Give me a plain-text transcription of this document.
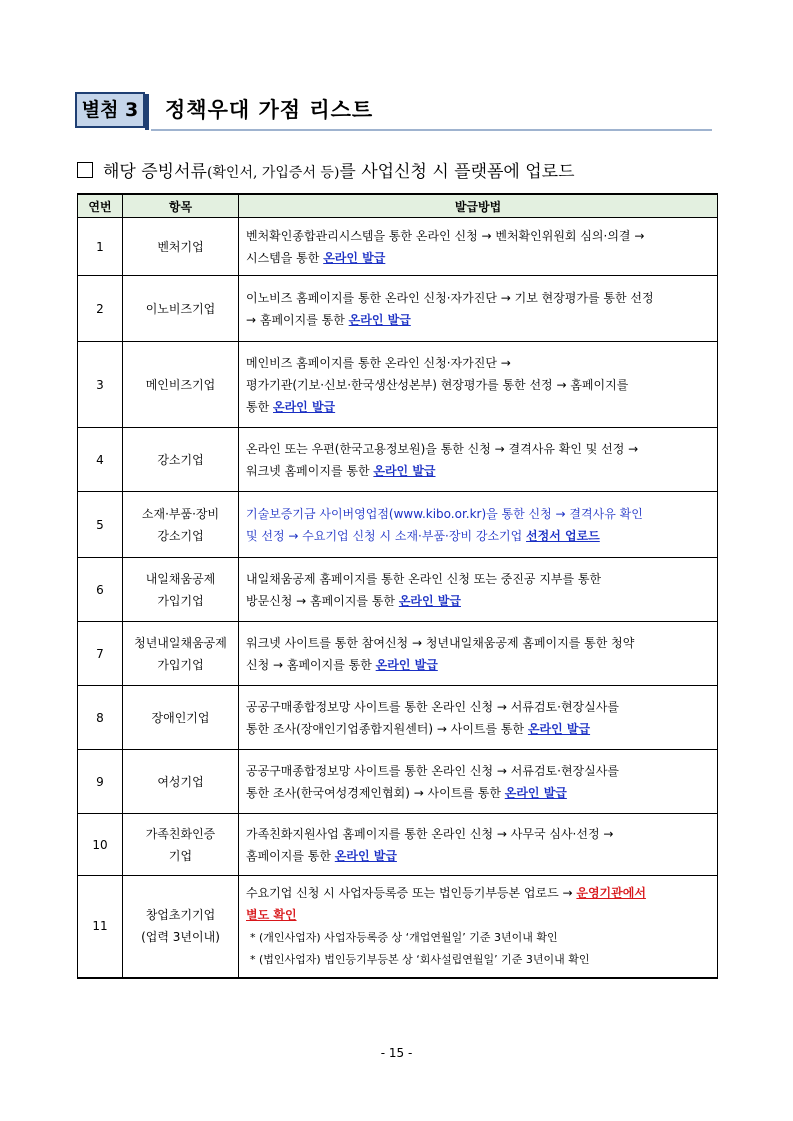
별첨 3	정책우대 가점 리스트
해당 증빙서류(확인서, 가입증서 등)를 사업신청 시 플랫폼에 업로드
연번	항목	발급방법
1	벤처기업	벤처확인종합관리시스템을 통한 온라인 신청 → 벤처확인위원회 심의·의결 →
시스템을 통한 온라인 발급
2	이노비즈기업	이노비즈 홈페이지를 통한 온라인 신청·자가진단 → 기보 현장평가를 통한 선정
→ 홈페이지를 통한 온라인 발급
3	메인비즈기업	메인비즈 홈페이지를 통한 온라인 신청·자가진단 →
평가기관(기보·신보·한국생산성본부) 현장평가를 통한 선정 → 홈페이지를
통한 온라인 발급
4	강소기업	온라인 또는 우편(한국고용정보원)을 통한 신청 → 결격사유 확인 및 선정 →
워크넷 홈페이지를 통한 온라인 발급
5	소재·부품·장비
강소기업	기술보증기금 사이버영업점(www.kibo.or.kr)을 통한 신청 → 결격사유 확인
및 선정 → 수요기업 신청 시 소재·부품·장비 강소기업 선정서 업로드
6	내일채움공제
가입기업	내일채움공제 홈페이지를 통한 온라인 신청 또는 중진공 지부를 통한
방문신청 → 홈페이지를 통한 온라인 발급
7	청년내일채움공제
가입기업	워크넷 사이트를 통한 참여신청 → 청년내일채움공제 홈페이지를 통한 청약
신청 → 홈페이지를 통한 온라인 발급
8	장애인기업	공공구매종합정보망 사이트를 통한 온라인 신청 → 서류검토·현장실사를
통한 조사(장애인기업종합지원센터) → 사이트를 통한 온라인 발급
9	여성기업	공공구매종합정보망 사이트를 통한 온라인 신청 → 서류검토·현장실사를
통한 조사(한국여성경제인협회) → 사이트를 통한 온라인 발급
10	가족친화인증
기업	가족친화지원사업 홈페이지를 통한 온라인 신청 → 사무국 심사·선정 →
홈페이지를 통한 온라인 발급
11	창업초기기업
(업력 3년이내)	수요기업 신청 시 사업자등록증 또는 법인등기부등본 업로드 → 운영기관에서
별도 확인
* (개인사업자) 사업자등록증 상 ‘개업연월일’ 기준 3년이내 확인
* (법인사업자) 법인등기부등본 상 ‘회사설립연월일’ 기준 3년이내 확인
- 15 -
